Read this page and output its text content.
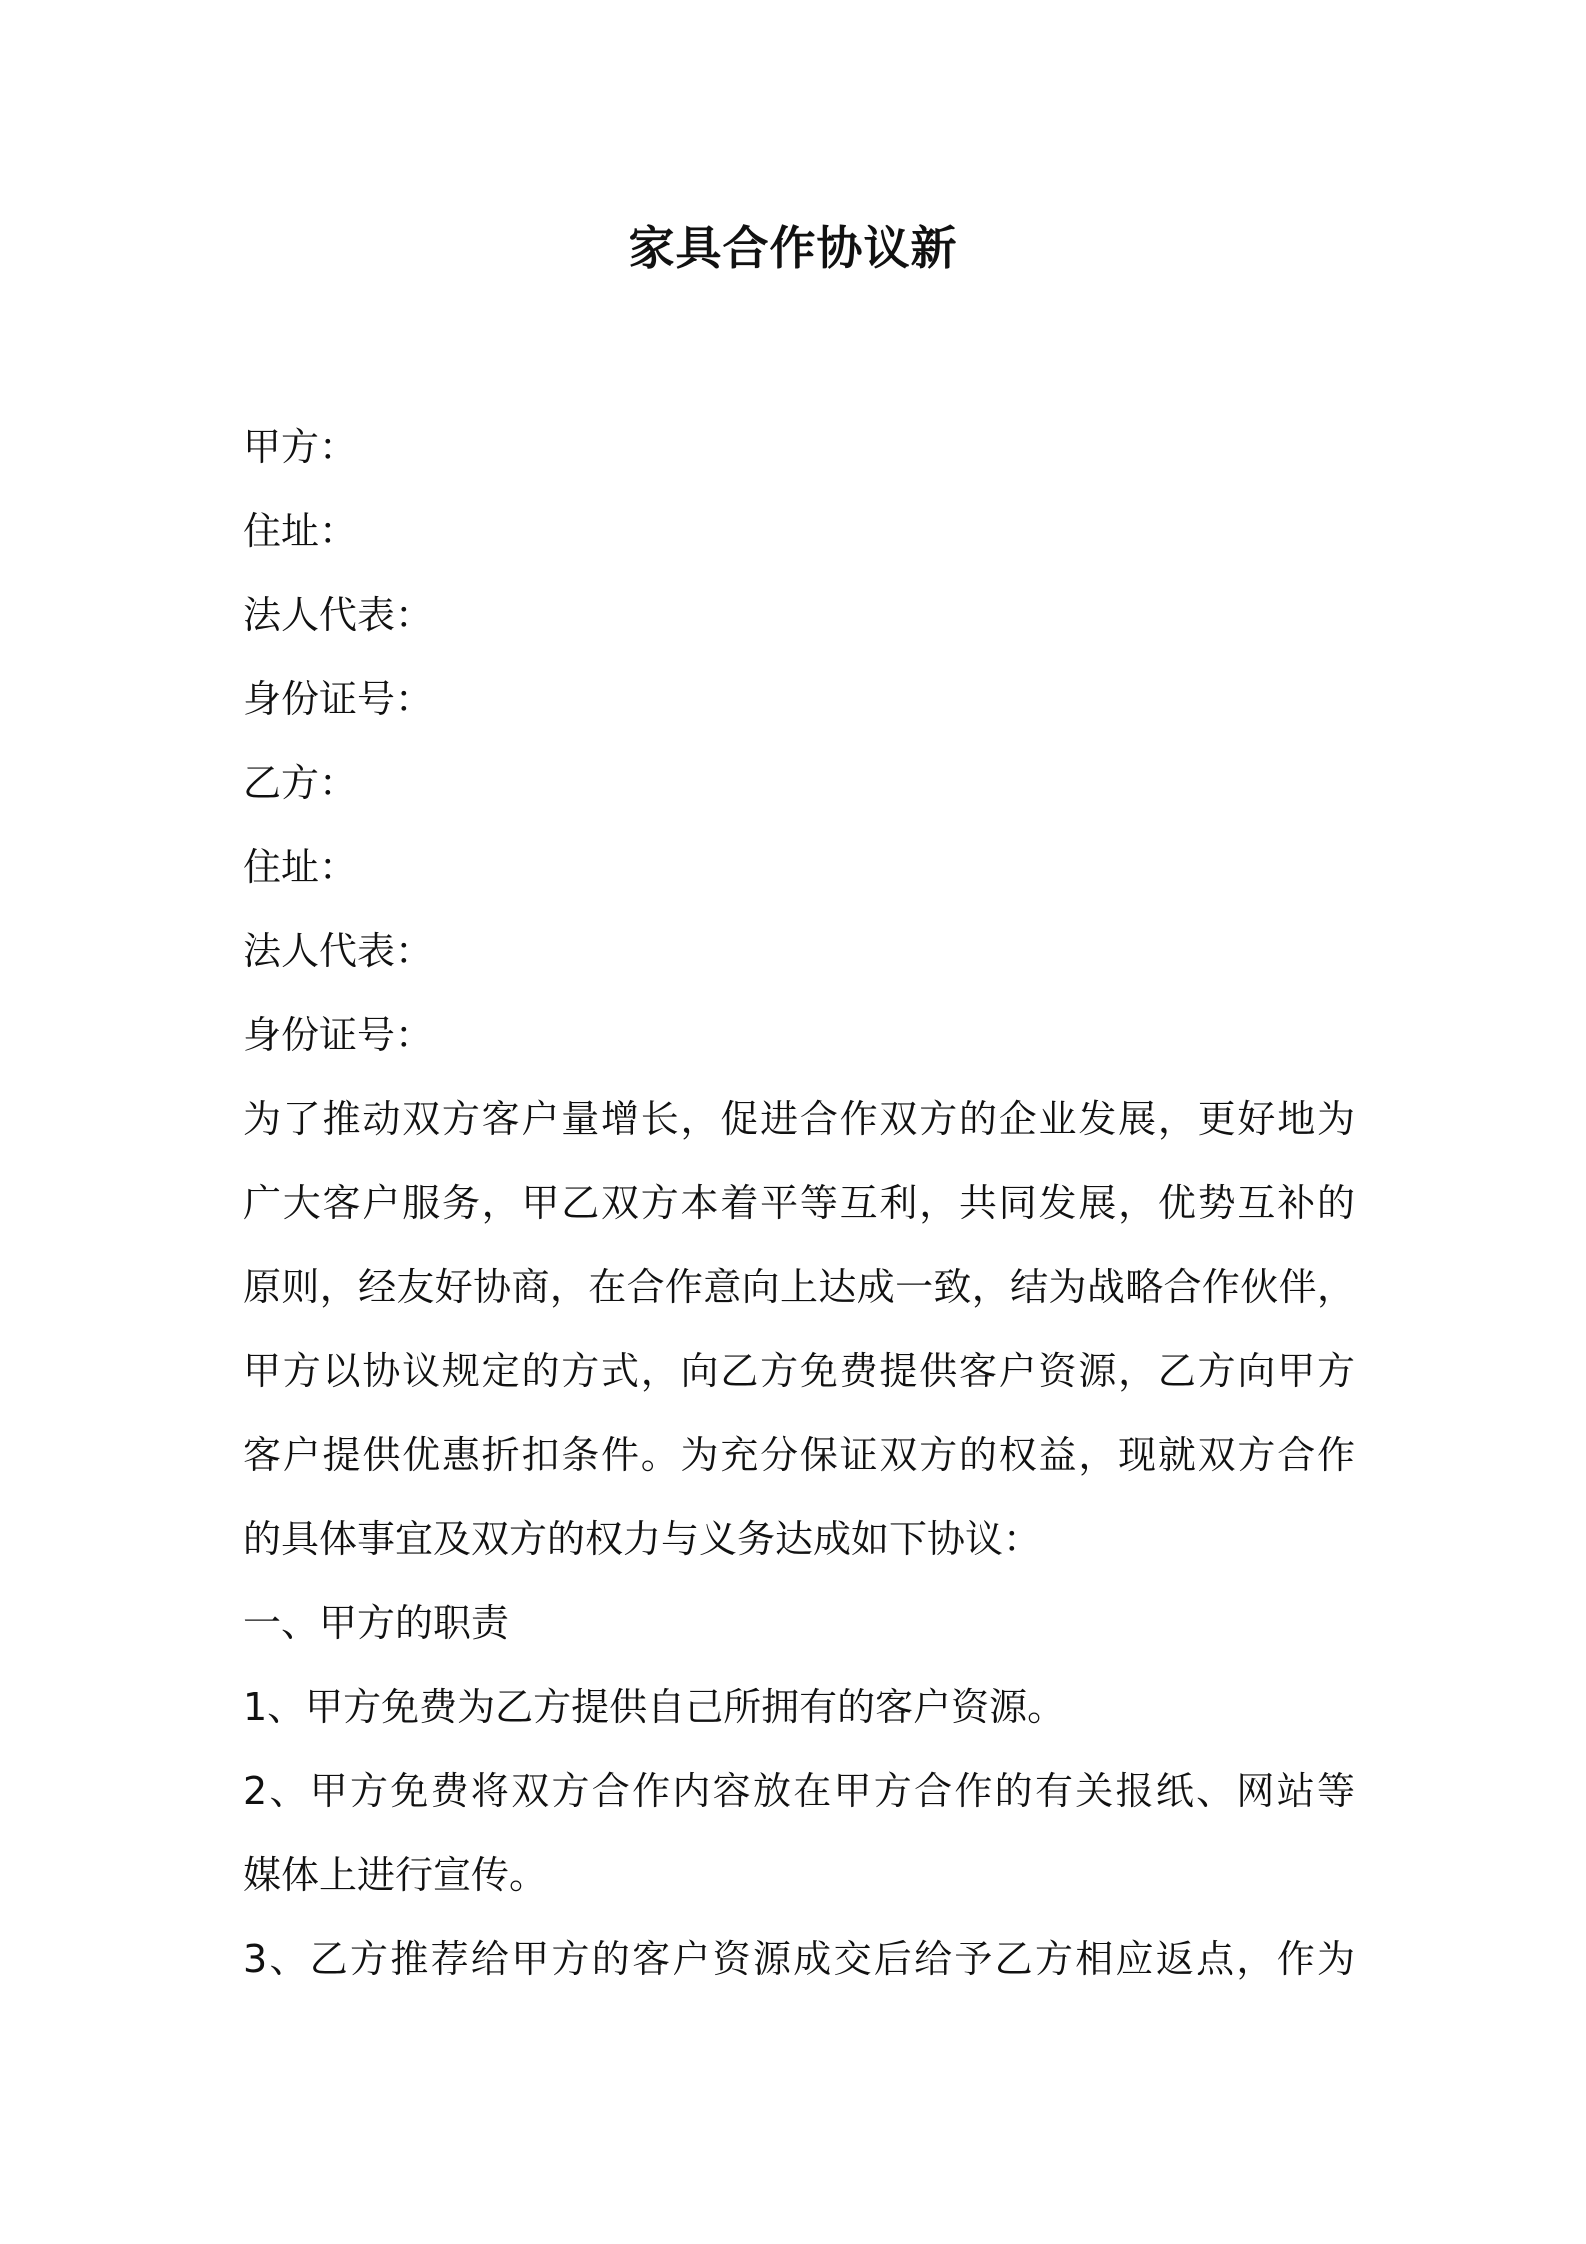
家具合作协议新

甲方：

住址：

法人代表：

身份证号：

乙方：

住址：

法人代表：

身份证号：

为了推动双方客户量增长，促进合作双方的企业发展，更好地为

广大客户服务，甲乙双方本着平等互利，共同发展，优势互补的

原则，经友好协商，在合作意向上达成一致，结为战略合作伙伴，

甲方以协议规定的方式，向乙方免费提供客户资源，乙方向甲方

客户提供优惠折扣条件。为充分保证双方的权益，现就双方合作

的具体事宜及双方的权力与义务达成如下协议：

一、甲方的职责

1、甲方免费为乙方提供自己所拥有的客户资源。

2、甲方免费将双方合作内容放在甲方合作的有关报纸、网站等

媒体上进行宣传。

3、乙方推荐给甲方的客户资源成交后给予乙方相应返点，作为
